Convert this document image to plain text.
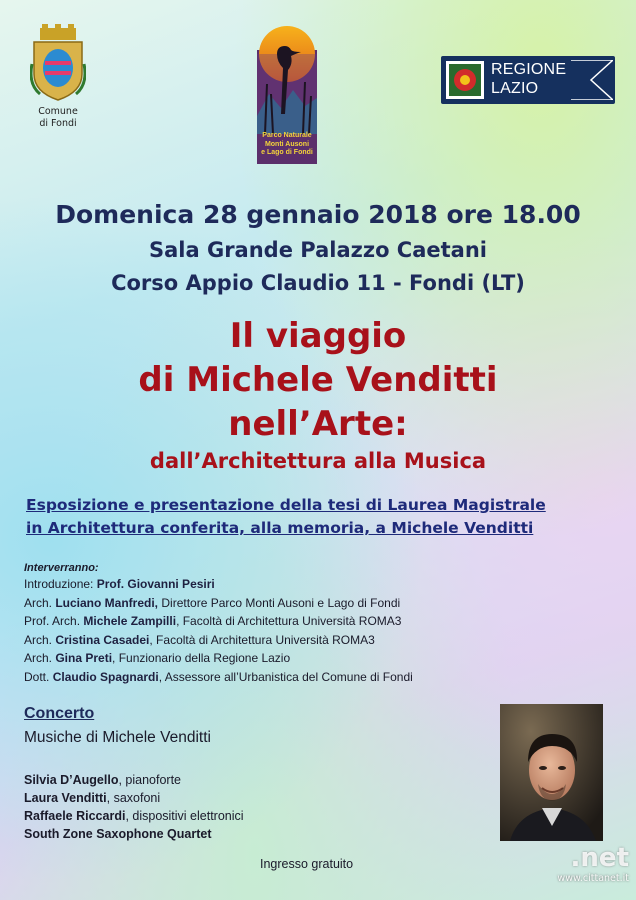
Comune
di Fondi
Parco Naturale
Monti Ausoni
e Lago di Fondi
REGIONE
LAZIO
Domenica 28 gennaio 2018 ore 18.00
Sala Grande Palazzo Caetani
Corso Appio Claudio 11 - Fondi (LT)
Il viaggio
di Michele Venditti
nell’Arte:
dall’Architettura alla Musica
Esposizione e presentazione della tesi di Laurea Magistrale
in Architettura conferita, alla memoria, a Michele Venditti
Interverranno:
Introduzione: Prof. Giovanni Pesiri
Arch. Luciano Manfredi, Direttore Parco Monti Ausoni e Lago di Fondi
Prof. Arch. Michele Zampilli, Facoltà di Architettura Università ROMA3
Arch. Cristina Casadei, Facoltà di Architettura Università ROMA3
Arch. Gina Preti, Funzionario della Regione Lazio
Dott. Claudio Spagnardi, Assessore all’Urbanistica del Comune di Fondi
Concerto
Musiche di Michele Venditti
Silvia D’Augello, pianoforte
Laura Venditti, saxofoni
Raffaele Riccardi, dispositivi elettronici
South Zone Saxophone Quartet
Ingresso gratuito	.net
www.cittanet.it
